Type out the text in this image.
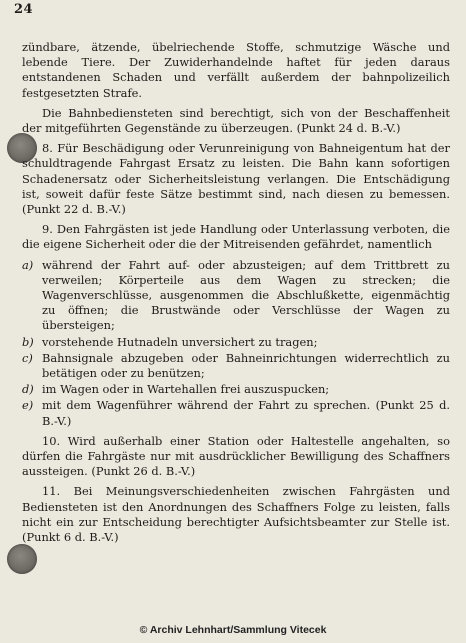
24

zündbare, ätzende, übelriechende Stoffe, schmutzige Wäsche und lebende Tiere. Der Zuwiderhandelnde haftet für jeden daraus entstandenen Schaden und verfällt außerdem der bahnpolizeilich festgesetzten Strafe.

Die Bahnbediensteten sind berechtigt, sich von der Beschaffenheit der mitgeführten Gegenstände zu überzeugen. (Punkt 24 d. B.-V.)

8. Für Beschädigung oder Verunreinigung von Bahneigentum hat der schuldtragende Fahrgast Ersatz zu leisten. Die Bahn kann sofortigen Schadenersatz oder Sicherheitsleistung verlangen. Die Entschädigung ist, soweit dafür feste Sätze bestimmt sind, nach diesen zu bemessen. (Punkt 22 d. B.-V.)

9. Den Fahrgästen ist jede Handlung oder Unterlassung verboten, die die eigene Sicherheit oder die der Mitreisenden gefährdet, namentlich

a) während der Fahrt auf- oder abzusteigen; auf dem Trittbrett zu verweilen; Körperteile aus dem Wagen zu strecken; die Wagenverschlüsse, ausgenommen die Abschlußkette, eigenmächtig zu öffnen; die Brustwände oder Verschlüsse der Wagen zu übersteigen;
b) vorstehende Hutnadeln unversichert zu tragen;
c) Bahnsignale abzugeben oder Bahneinrichtungen widerrechtlich zu betätigen oder zu benützen;
d) im Wagen oder in Wartehallen frei auszuspucken;
e) mit dem Wagenführer während der Fahrt zu sprechen. (Punkt 25 d. B.-V.)

10. Wird außerhalb einer Station oder Haltestelle angehalten, so dürfen die Fahrgäste nur mit ausdrücklicher Bewilligung des Schaffners aussteigen. (Punkt 26 d. B.-V.)

11. Bei Meinungsverschiedenheiten zwischen Fahrgästen und Bediensteten ist den Anordnungen des Schaffners Folge zu leisten, falls nicht ein zur Entscheidung berechtigter Aufsichtsbeamter zur Stelle ist. (Punkt 6 d. B.-V.)

© Archiv Lehnhart/Sammlung Vitecek
